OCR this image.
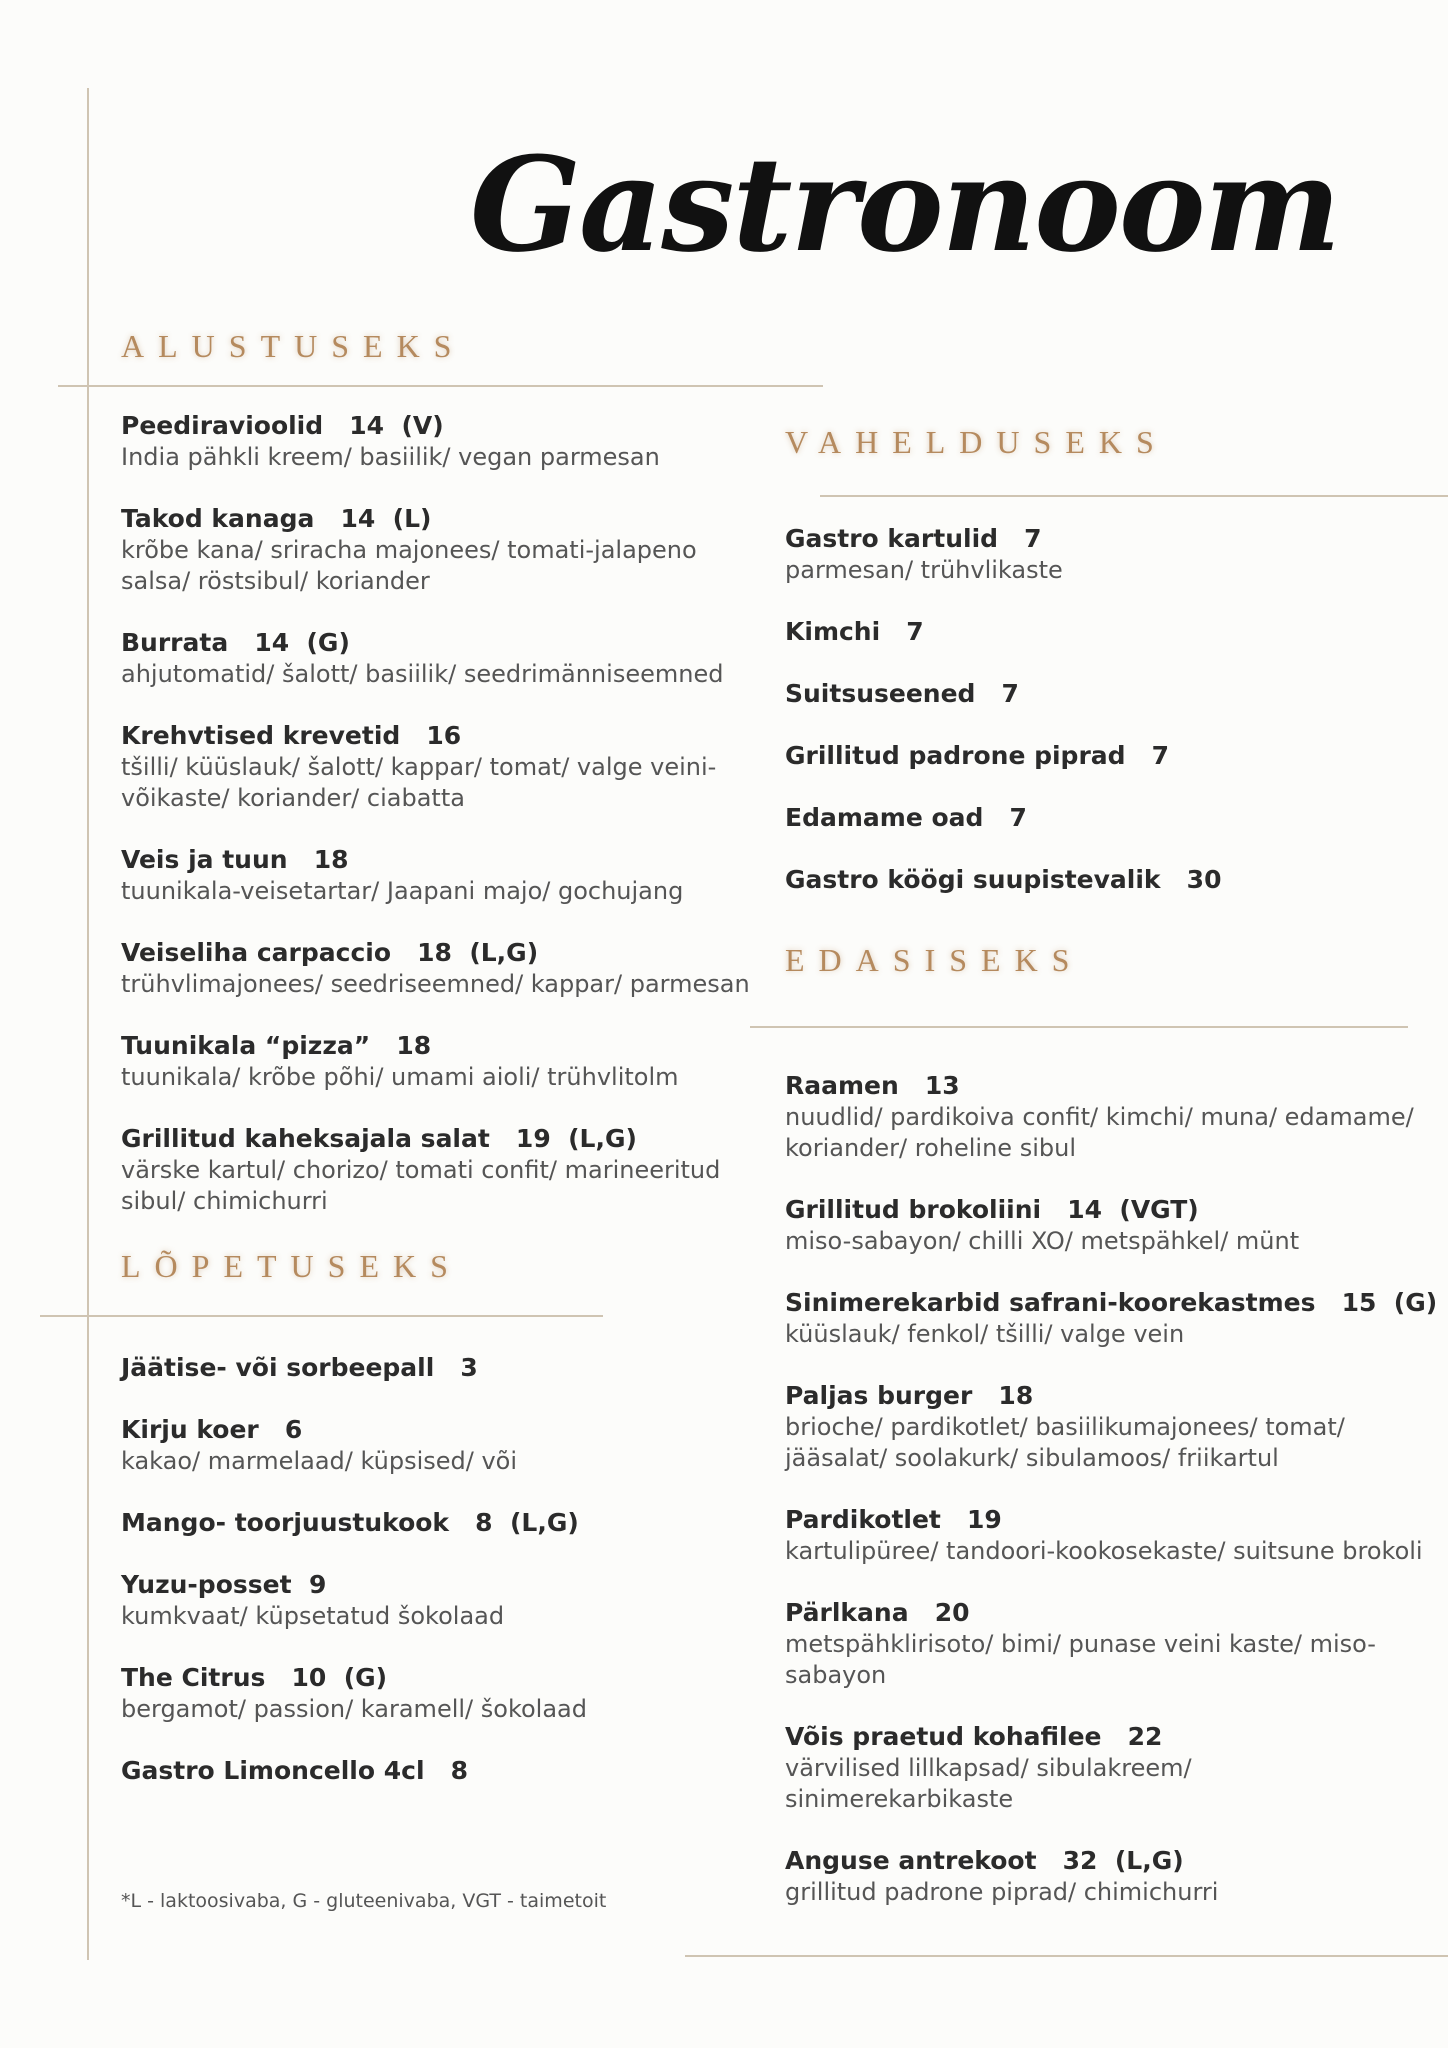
Gastronoom
ALUSTUSEKS
VAHELDUSEKS
EDASISEKS
LÕPETUSEKS
Peediravioolid   14  (V)
India pähkli kreem/ basiilik/ vegan parmesan
Takod kanaga   14  (L)
krõbe kana/ sriracha majonees/ tomati-jalapeno salsa/ röstsibul/ koriander
Burrata   14  (G)
ahjutomatid/ šalott/ basiilik/ seedrimänniseemned
Krehvtised krevetid   16
tšilli/ küüslauk/ šalott/ kappar/ tomat/ valge veini-võikaste/ koriander/ ciabatta
Veis ja tuun   18
tuunikala-veisetartar/ Jaapani majo/ gochujang
Veiseliha carpaccio   18  (L,G)
trühvlimajonees/ seedriseemned/ kappar/ parmesan
Tuunikala “pizza”   18
tuunikala/ krõbe põhi/ umami aioli/ trühvlitolm
Grillitud kaheksajala salat   19  (L,G)
värske kartul/ chorizo/ tomati confit/ marineeritud sibul/ chimichurri
Jäätise- või sorbeepall   3
Kirju koer   6
kakao/ marmelaad/ küpsised/ või
Mango- toorjuustukook   8  (L,G)
Yuzu-posset  9
kumkvaat/ küpsetatud šokolaad
The Citrus   10  (G)
bergamot/ passion/ karamell/ šokolaad
Gastro Limoncello 4cl   8
Gastro kartulid   7
parmesan/ trühvlikaste
Kimchi   7
Suitsuseened   7
Grillitud padrone piprad   7
Edamame oad   7
Gastro köögi suupistevalik   30
Raamen   13
nuudlid/ pardikoiva confit/ kimchi/ muna/ edamame/ koriander/ roheline sibul
Grillitud brokoliini   14  (VGT)
miso-sabayon/ chilli XO/ metspähkel/ münt
Sinimerekarbid safrani-koorekastmes   15  (G)
küüslauk/ fenkol/ tšilli/ valge vein
Paljas burger   18
brioche/ pardikotlet/ basiilikumajonees/ tomat/ jääsalat/ soolakurk/ sibulamoos/ friikartul
Pardikotlet   19
kartulipüree/ tandoori-kookosekaste/ suitsune brokoli
Pärlkana   20
metspähklirisoto/ bimi/ punase veini kaste/ miso-sabayon
Võis praetud kohafilee   22
värvilised lillkapsad/ sibulakreem/ sinimerekarbikaste
Anguse antrekoot   32  (L,G)
grillitud padrone piprad/ chimichurri
*L - laktoosivaba, G - gluteenivaba, VGT - taimetoit
